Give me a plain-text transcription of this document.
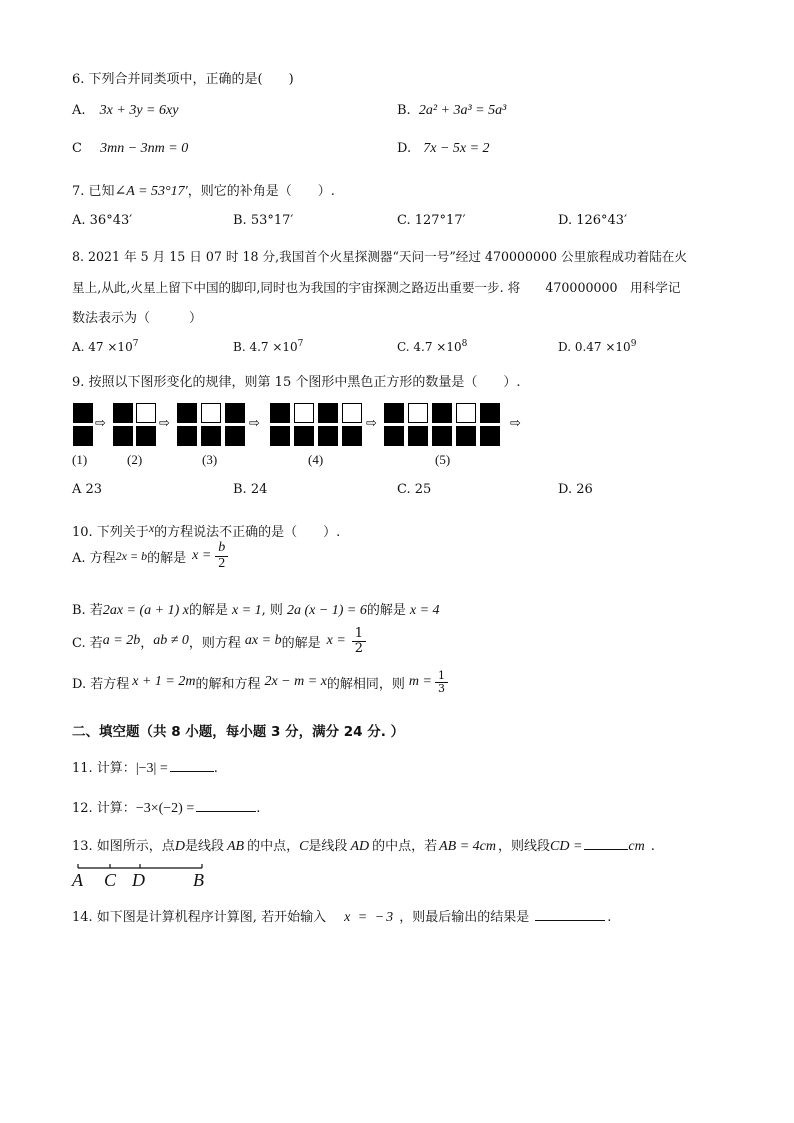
6. 下列合并同类项中，正确的是(　　)
A. 3x + 3y = 6xy	B. 2a² + 3a³ = 5a³
C 3mn − 3nm = 0	D. 7x − 5x = 2
7. 已知∠A = 53°17′，则它的补角是（　　）.
A. 36°43′	B. 53°17′	C. 127°17′	D. 126°43′
8. 2021 年 5 月 15 日 07 时 18 分,我国首个火星探测器“天问一号”经过 470000000 公里旅程成功着陆在火
星上,从此,火星上留下中国的脚印,同时也为我国的宇宙探测之路迈出重要一步. 将　　470000000　用科学记
数法表示为（　　　）
A. $47 \times 10^7$	B. $4.7 \times 10^7$	C. $4.7 \times 10^8$	D. $0.47 \times 10^9$
9. 按照以下图形变化的规律，则第 15 个图形中黑色正方形的数量是（　　）.
⇨	⇨	⇨	⇨	⇨
(1)	(2)	(3)	(4)	(5)
A 23	B. 24	C. 25	D. 26
10. 下列关于x的方程说法不正确的是（　　）.
A. 方程 2x = b 的解是 $x = \frac{b}{2}$
B. 若2ax = (a + 1) x的解是 x = 1, 则 2a (x − 1) = 6的解是 x = 4
C. 若 a = 2b ， ab ≠ 0 ，则方程 ax = b 的解是 $x = \frac{1}{2}$
D. 若方程 x + 1 = 2m 的解和方程 2x − m = x 的解相同，则 $m = \frac{1}{3}$
二、填空题（共 8 小题，每小题 3 分，满分 24 分. ）
11. 计算：|−3| =	.
12. 计算：−3×(−2) =	.
13. 如图所示，点D是线段 AB 的中点，C是线段 AD 的中点，若 AB = 4cm ，则线段CD =	cm .
A C D	B
14. 如下图是计算机程序计算图, 若开始输入 x = −3 ，则最后输出的结果是	.
